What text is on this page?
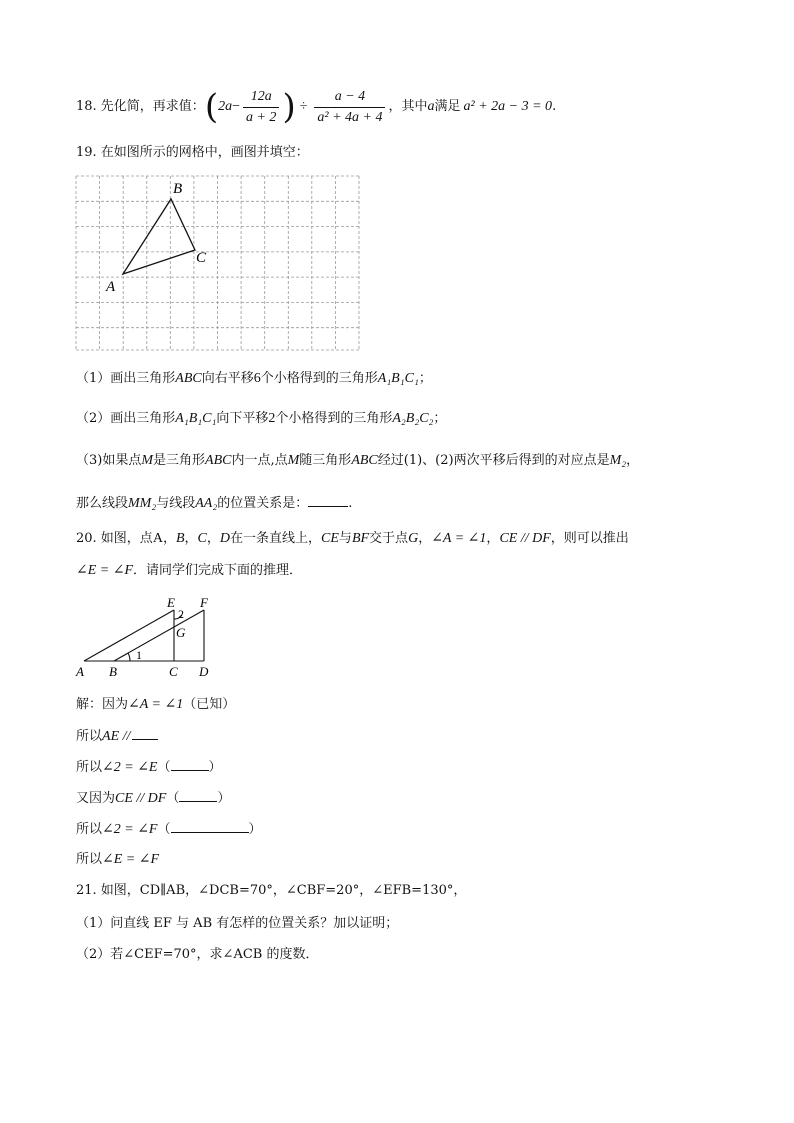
18. 先化简，再求值： ( $2a - \frac{12a}{a + 2}$ ) ÷ $\frac{a - 4}{\text{a² + 4a + 4}}$ ，其中 a 满足 a² + 2a − 3 = 0 .
19. 在如图所示的网格中，画图并填空：
B
C
A
（1）画出三角形ABC向右平移6个小格得到的三角形A₁B₁C₁；
（2）画出三角形A₁B₁C₁向下平移2个小格得到的三角形A₂B₂C₂；
（3)如果点M是三角形ABC内一点,点M随三角形ABC经过(1)、(2)两次平移后得到的对应点是M₂，
那么线段MM₂与线段AA₂的位置关系是：	.
20. 如图，点A，B，C，D在一条直线上，CE与BF交于点G，∠A = ∠1，CE // DF，则可以推出
∠E = ∠F．请同学们完成下面的推理．
E F
2
G
1
A B	C D
解：因为∠A = ∠1（已知）
所以AE //
所以∠2 = ∠E（	）
又因为CE // DF（	）
所以∠2 = ∠F（	）
所以∠E = ∠F
21. 如图，CD∥AB，∠DCB=70°，∠CBF=20°，∠EFB=130°，
（1）问直线 EF 与 AB 有怎样的位置关系？加以证明；
（2）若∠CEF=70°，求∠ACB 的度数．
